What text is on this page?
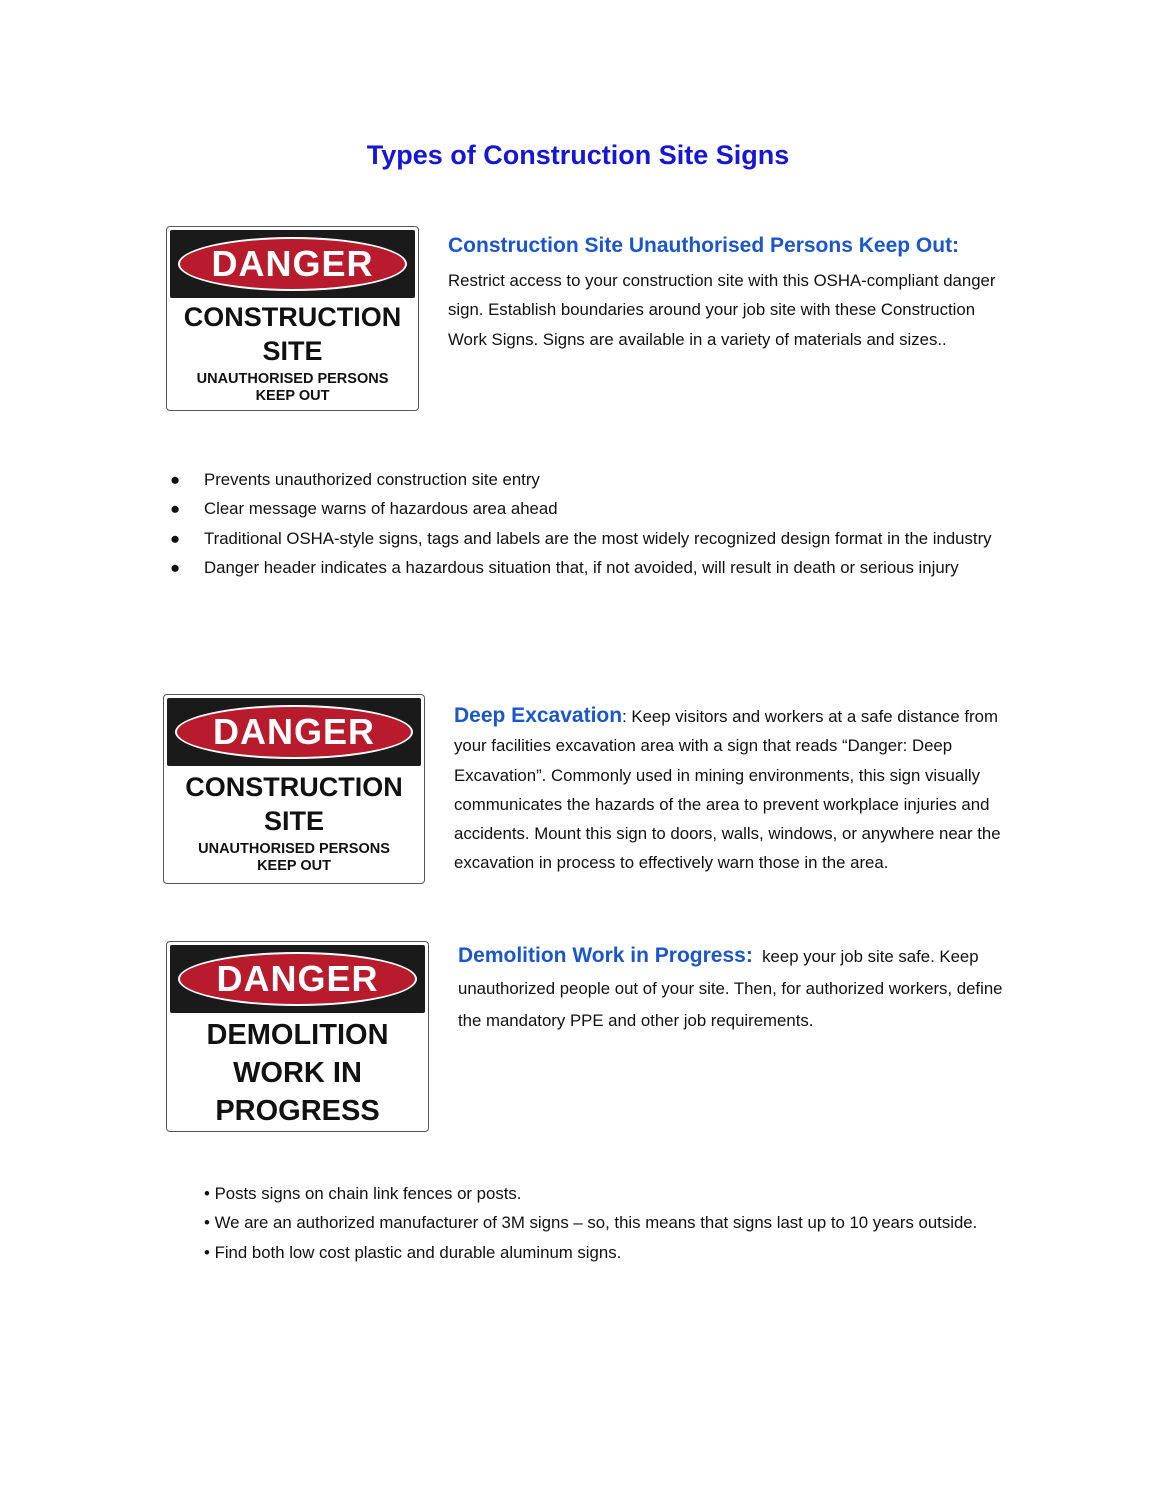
Types of Construction Site Signs
DANGER
CONSTRUCTION
SITE
UNAUTHORISED PERSONS
KEEP OUT
Construction Site Unauthorised Persons Keep Out:
Restrict access to your construction site with this OSHA-compliant danger sign. Establish boundaries around your job site with these Construction Work Signs. Signs are available in a variety of materials and sizes..
● Prevents unauthorized construction site entry
● Clear message warns of hazardous area ahead
● Traditional OSHA-style signs, tags and labels are the most widely recognized design format in the industry
● Danger header indicates a hazardous situation that, if not avoided, will result in death or serious injury
DANGER
CONSTRUCTION
SITE
UNAUTHORISED PERSONS
KEEP OUT
Deep Excavation: Keep visitors and workers at a safe distance from your facilities excavation area with a sign that reads “Danger: Deep Excavation”. Commonly used in mining environments, this sign visually communicates the hazards of the area to prevent workplace injuries and accidents. Mount this sign to doors, walls, windows, or anywhere near the excavation in process to effectively warn those in the area.
DANGER
DEMOLITION
WORK IN
PROGRESS
Demolition Work in Progress: keep your job site safe. Keep unauthorized people out of your site. Then, for authorized workers, define the mandatory PPE and other job requirements.
• Posts signs on chain link fences or posts.
• We are an authorized manufacturer of 3M signs – so, this means that signs last up to 10 years outside.
• Find both low cost plastic and durable aluminum signs.
